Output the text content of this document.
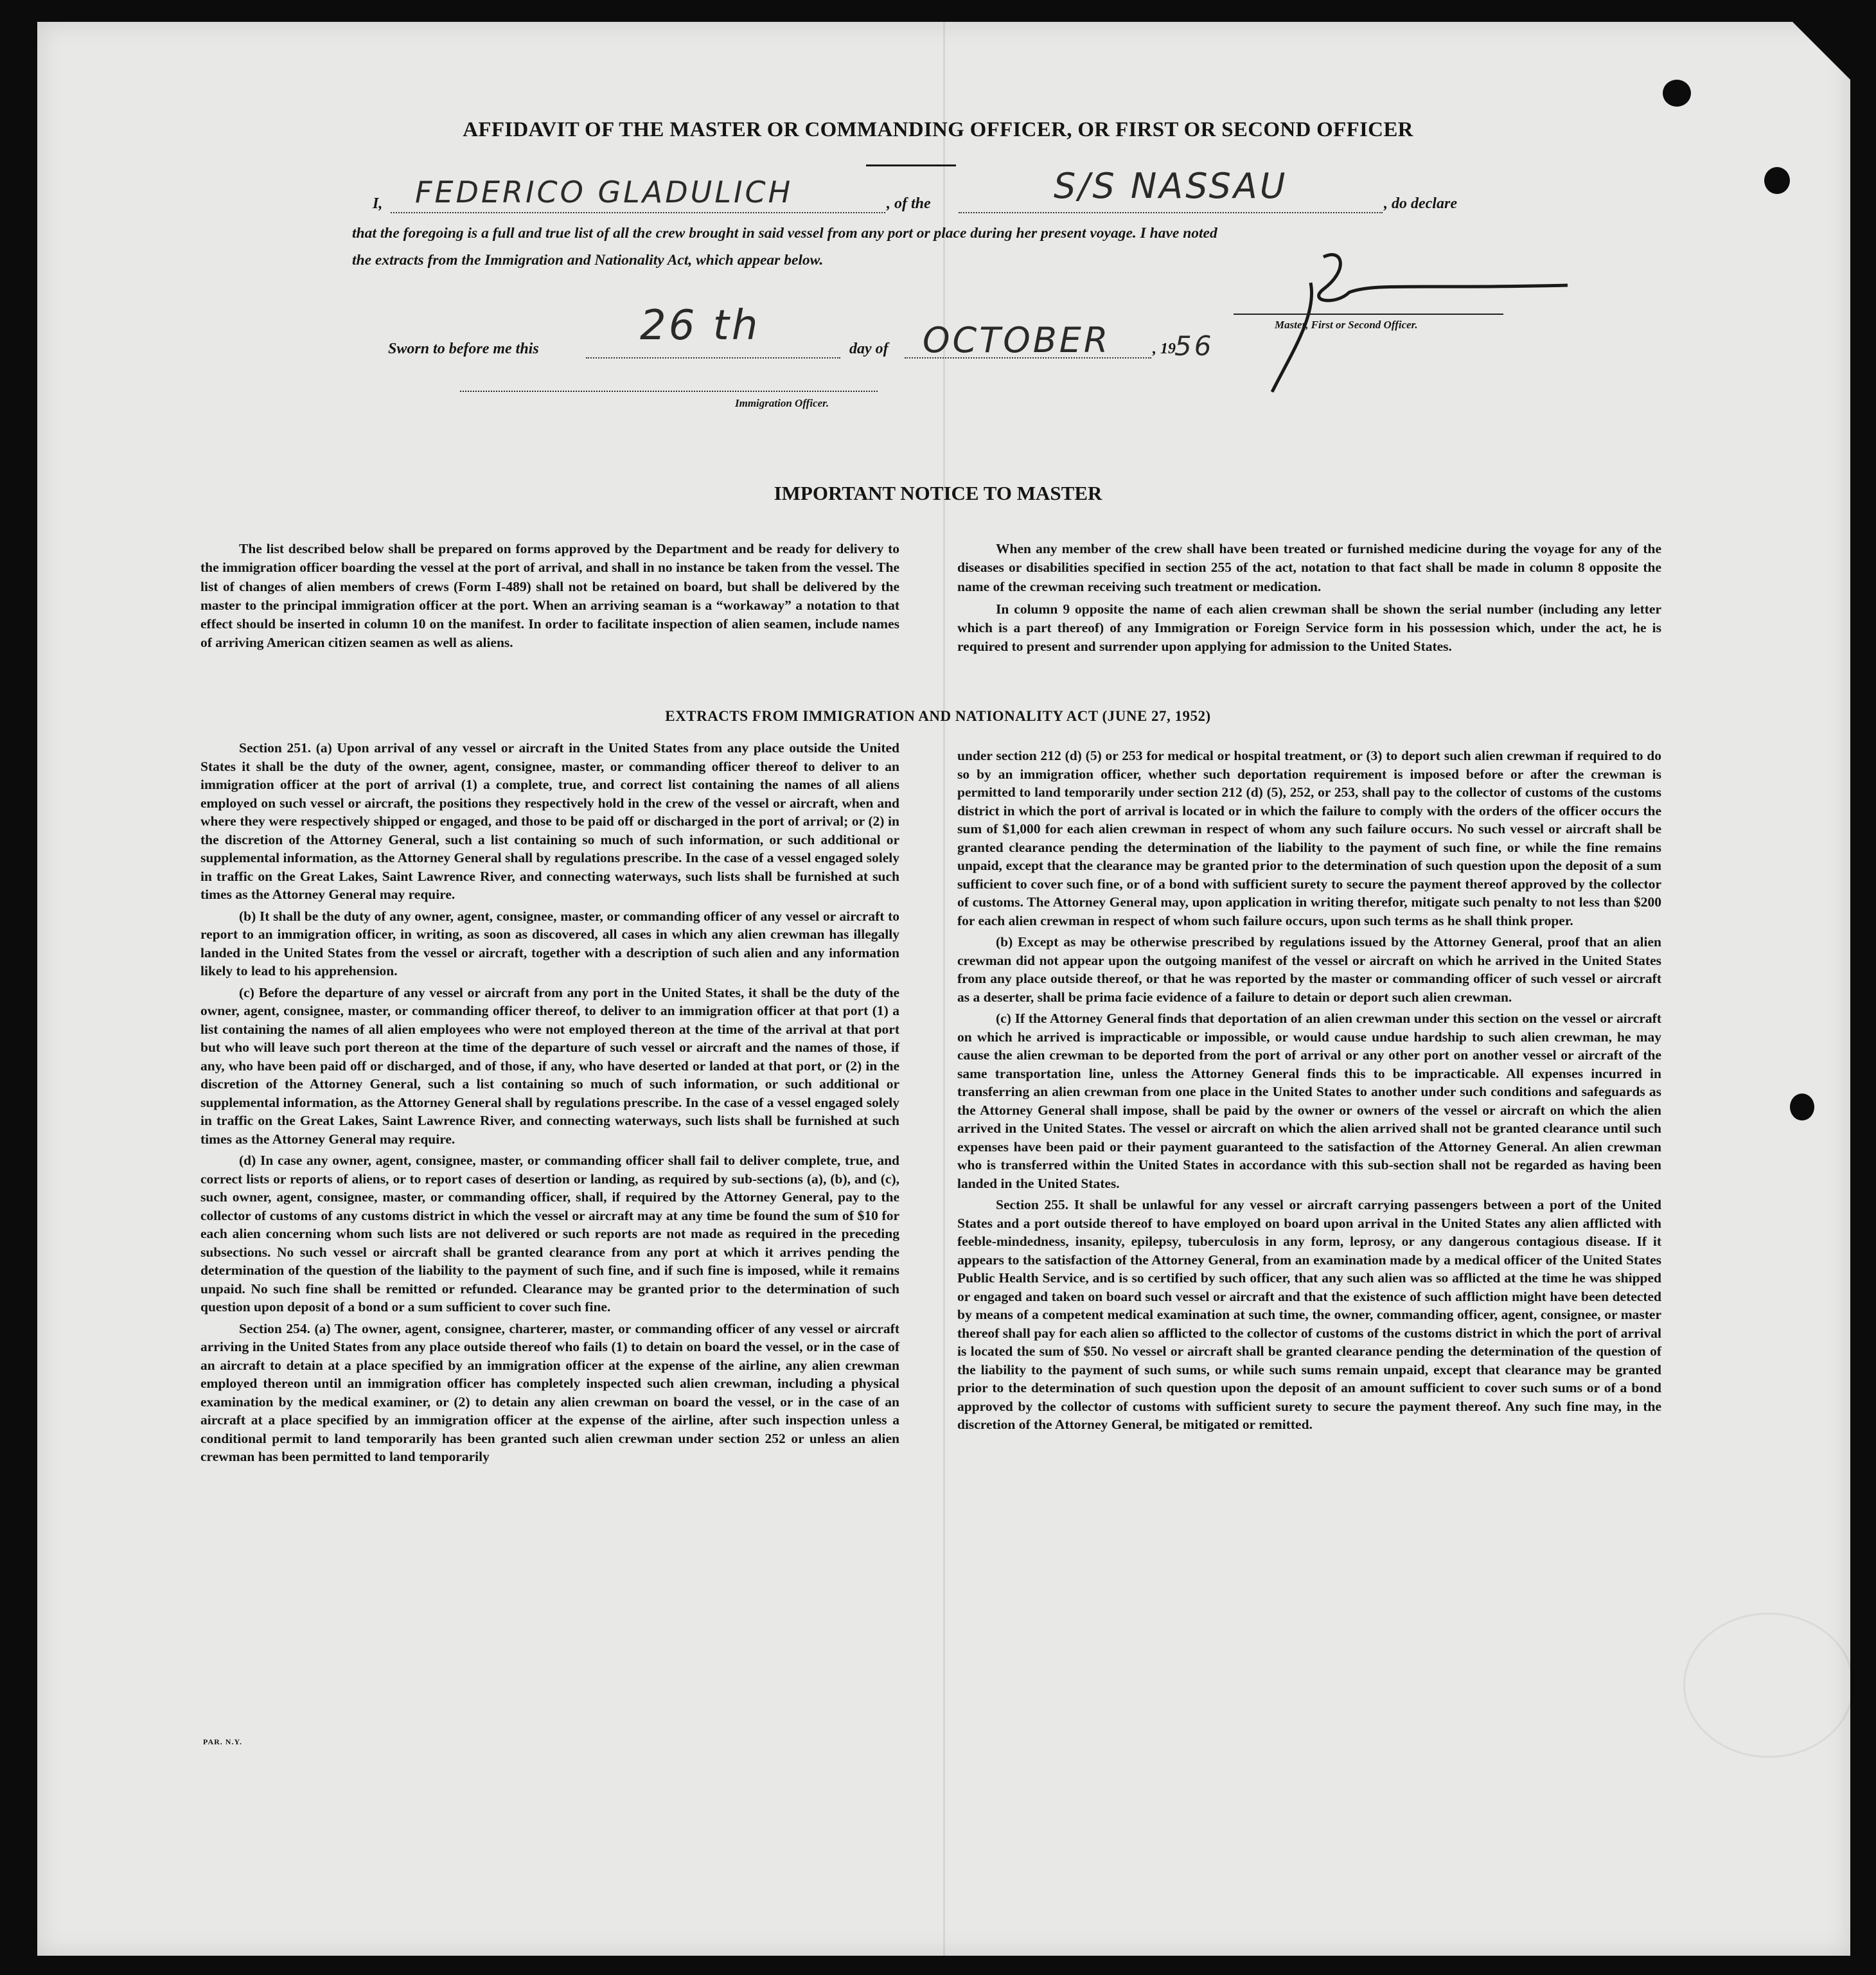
AFFIDAVIT OF THE MASTER OR COMMANDING OFFICER, OR FIRST OR SECOND OFFICER
I, FEDERICO GLADULICH	, of the	S/S NASSAU	, do declare
that the foregoing is a full and true list of all the crew brought in said vessel from any port or place during her present voyage. I have noted
the extracts from the Immigration and Nationality Act, which appear below.
Master, First or Second Officer.
Sworn to before me this 26 th	day of OCTOBER	, 19
56
Immigration Officer.
IMPORTANT NOTICE TO MASTER

The list described below shall be prepared on forms approved by the Department and be ready for delivery to the immigration officer boarding the vessel at the port of arrival, and shall in no instance be taken from the vessel. The list of changes of alien members of crews (Form I-489) shall not be retained on board, but shall be delivered by the master to the principal immigration officer at the port. When an arriving seaman is a “workaway” a notation to that effect should be inserted in column 10 on the manifest. In order to facilitate inspection of alien seamen, include names of arriving American citizen seamen as well as aliens.

When any member of the crew shall have been treated or furnished medicine during the voyage for any of the diseases or disabilities specified in section 255 of the act, notation to that fact shall be made in column 8 opposite the name of the crewman receiving such treatment or medication.

In column 9 opposite the name of each alien crewman shall be shown the serial number (including any letter which is a part thereof) of any Immigration or Foreign Service form in his possession which, under the act, he is required to present and surrender upon applying for admission to the United States.

EXTRACTS FROM IMMIGRATION AND NATIONALITY ACT (JUNE 27, 1952)

Section 251. (a) Upon arrival of any vessel or aircraft in the United States from any place outside the United States it shall be the duty of the owner, agent, consignee, master, or commanding officer thereof to deliver to an immigration officer at the port of arrival (1) a complete, true, and correct list containing the names of all aliens employed on such vessel or aircraft, the positions they respectively hold in the crew of the vessel or aircraft, when and where they were respectively shipped or engaged, and those to be paid off or discharged in the port of arrival; or (2) in the discretion of the Attorney General, such a list containing so much of such information, or such additional or supplemental information, as the Attorney General shall by regulations prescribe. In the case of a vessel engaged solely in traffic on the Great Lakes, Saint Lawrence River, and connecting waterways, such lists shall be furnished at such times as the Attorney General may require.

(b) It shall be the duty of any owner, agent, consignee, master, or commanding officer of any vessel or aircraft to report to an immigration officer, in writing, as soon as discovered, all cases in which any alien crewman has illegally landed in the United States from the vessel or aircraft, together with a description of such alien and any information likely to lead to his apprehension.

(c) Before the departure of any vessel or aircraft from any port in the United States, it shall be the duty of the owner, agent, consignee, master, or commanding officer thereof, to deliver to an immigration officer at that port (1) a list containing the names of all alien employees who were not employed thereon at the time of the arrival at that port but who will leave such port thereon at the time of the departure of such vessel or aircraft and the names of those, if any, who have been paid off or discharged, and of those, if any, who have deserted or landed at that port, or (2) in the discretion of the Attorney General, such a list containing so much of such information, or such additional or supplemental information, as the Attorney General shall by regulations prescribe. In the case of a vessel engaged solely in traffic on the Great Lakes, Saint Lawrence River, and connecting waterways, such lists shall be furnished at such times as the Attorney General may require.

(d) In case any owner, agent, consignee, master, or commanding officer shall fail to deliver complete, true, and correct lists or reports of aliens, or to report cases of desertion or landing, as required by sub-sections (a), (b), and (c), such owner, agent, consignee, master, or commanding officer, shall, if required by the Attorney General, pay to the collector of customs of any customs district in which the vessel or aircraft may at any time be found the sum of $10 for each alien concerning whom such lists are not delivered or such reports are not made as required in the preceding subsections. No such vessel or aircraft shall be granted clearance from any port at which it arrives pending the determination of the question of the liability to the payment of such fine, and if such fine is imposed, while it remains unpaid. No such fine shall be remitted or refunded. Clearance may be granted prior to the determination of such question upon deposit of a bond or a sum sufficient to cover such fine.

Section 254. (a) The owner, agent, consignee, charterer, master, or commanding officer of any vessel or aircraft arriving in the United States from any place outside thereof who fails (1) to detain on board the vessel, or in the case of an aircraft to detain at a place specified by an immigration officer at the expense of the airline, any alien crewman employed thereon until an immigration officer has completely inspected such alien crewman, including a physical examination by the medical examiner, or (2) to detain any alien crewman on board the vessel, or in the case of an aircraft at a place specified by an immigration officer at the expense of the airline, after such inspection unless a conditional permit to land temporarily has been granted such alien crewman under section 252 or unless an alien crewman has been permitted to land temporarily

under section 212 (d) (5) or 253 for medical or hospital treatment, or (3) to deport such alien crewman if required to do so by an immigration officer, whether such deportation requirement is imposed before or after the crewman is permitted to land temporarily under section 212 (d) (5), 252, or 253, shall pay to the collector of customs of the customs district in which the port of arrival is located or in which the failure to comply with the orders of the officer occurs the sum of $1,000 for each alien crewman in respect of whom any such failure occurs. No such vessel or aircraft shall be granted clearance pending the determination of the liability to the payment of such fine, or while the fine remains unpaid, except that the clearance may be granted prior to the determination of such question upon the deposit of a sum sufficient to cover such fine, or of a bond with sufficient surety to secure the payment thereof approved by the collector of customs. The Attorney General may, upon application in writing therefor, mitigate such penalty to not less than $200 for each alien crewman in respect of whom such failure occurs, upon such terms as he shall think proper.

(b) Except as may be otherwise prescribed by regulations issued by the Attorney General, proof that an alien crewman did not appear upon the outgoing manifest of the vessel or aircraft on which he arrived in the United States from any place outside thereof, or that he was reported by the master or commanding officer of such vessel or aircraft as a deserter, shall be prima facie evidence of a failure to detain or deport such alien crewman.

(c) If the Attorney General finds that deportation of an alien crewman under this section on the vessel or aircraft on which he arrived is impracticable or impossible, or would cause undue hardship to such alien crewman, he may cause the alien crewman to be deported from the port of arrival or any other port on another vessel or aircraft of the same transportation line, unless the Attorney General finds this to be impracticable. All expenses incurred in transferring an alien crewman from one place in the United States to another under such conditions and safeguards as the Attorney General shall impose, shall be paid by the owner or owners of the vessel or aircraft on which the alien arrived in the United States. The vessel or aircraft on which the alien arrived shall not be granted clearance until such expenses have been paid or their payment guaranteed to the satisfaction of the Attorney General. An alien crewman who is transferred within the United States in accordance with this sub-section shall not be regarded as having been landed in the United States.

Section 255. It shall be unlawful for any vessel or aircraft carrying passengers between a port of the United States and a port outside thereof to have employed on board upon arrival in the United States any alien afflicted with feeble-mindedness, insanity, epilepsy, tuberculosis in any form, leprosy, or any dangerous contagious disease. If it appears to the satisfaction of the Attorney General, from an examination made by a medical officer of the United States Public Health Service, and is so certified by such officer, that any such alien was so afflicted at the time he was shipped or engaged and taken on board such vessel or aircraft and that the existence of such affliction might have been detected by means of a competent medical examination at such time, the owner, commanding officer, agent, consignee, or master thereof shall pay for each alien so afflicted to the collector of customs of the customs district in which the port of arrival is located the sum of $50. No vessel or aircraft shall be granted clearance pending the determination of the question of the liability to the payment of such sums, or while such sums remain unpaid, except that clearance may be granted prior to the determination of such question upon the deposit of an amount sufficient to cover such sums or of a bond approved by the collector of customs with sufficient surety to secure the payment thereof. Any such fine may, in the discretion of the Attorney General, be mitigated or remitted.

PAR. N.Y.
